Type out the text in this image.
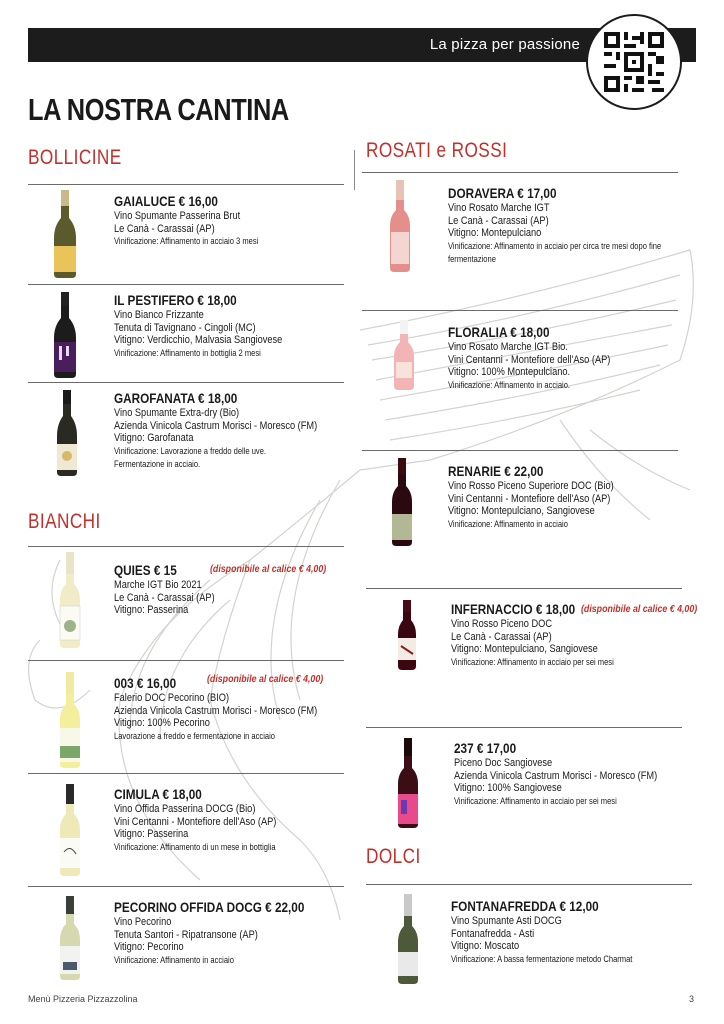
La pizza per passione
LA NOSTRA CANTINA
BOLLICINE	ROSATI e ROSSI
BIANCHI
DOLCI
GAIALUCE € 16,00
Vino Spumante Passerina Brut
Le Canà - Carassai (AP)
Vinificazione: Affinamento in acciaio 3 mesi
IL PESTIFERO € 18,00
Vino Bianco Frizzante
Tenuta di Tavignano - Cingoli (MC)
Vitigno: Verdicchio, Malvasia Sangiovese
Vinificazione: Affinamento in bottiglia 2 mesi
GAROFANATA € 18,00
Vino Spumante Extra-dry (Bio)
Azienda Vinicola Castrum Morisci - Moresco (FM)
Vitigno: Garofanata
Vinificazione: Lavorazione a freddo delle uve.
Fermentazione in acciaio.
QUIES € 15
Marche IGT Bio 2021
Le Canà - Carassai (AP)
Vitigno: Passerina
(disponibile al calice € 4,00)
003 € 16,00
Falerio DOC Pecorino (BIO)
Azienda Vinicola Castrum Morisci - Moresco (FM)
Vitigno: 100% Pecorino
Lavorazione a freddo e fermentazione in acciaio
(disponibile al calice € 4,00)
CIMULA € 18,00
Vino Offida Passerina DOCG (Bio)
Vini Centanni - Montefiore dell'Aso (AP)
Vitigno: Passerina
Vinificazione: Affinamento di un mese in bottiglia
PECORINO OFFIDA DOCG € 22,00
Vino Pecorino
Tenuta Santori - Ripatransone (AP)
Vitigno: Pecorino
Vinificazione: Affinamento in acciaio
DORAVERA € 17,00
Vino Rosato Marche IGT
Le Canà - Carassai (AP)
Vitigno: Montepulciano
Vinificazione: Affinamento in acciaio per circa tre mesi dopo fine
fermentazione
FLORALIA € 18,00
Vino Rosato Marche IGT Bio.
Vini Centanni - Montefiore dell'Aso (AP)
Vitigno: 100% Montepulciano.
Vinificazione: Affinamento in acciaio.
RENARIE € 22,00
Vino Rosso Piceno Superiore DOC (Bio)
Vini Centanni - Montefiore dell'Aso (AP)
Vitigno: Montepulciano, Sangiovese
Vinificazione: Affinamento in acciaio
INFERNACCIO € 18,00
Vino Rosso Piceno DOC
Le Canà - Carassai (AP)
Vitigno: Montepulciano, Sangiovese
Vinificazione: Affinamento in acciaio per sei mesi
(disponibile al calice € 4,00)
237 € 17,00
Piceno Doc Sangiovese
Azienda Vinicola Castrum Morisci - Moresco (FM)
Vitigno: 100% Sangiovese
Vinificazione: Affinamento in acciaio per sei mesi
FONTANAFREDDA € 12,00
Vino Spumante Asti DOCG
Fontanafredda - Asti
Vitigno: Moscato
Vinificazione: A bassa fermentazione metodo Charmat
Menù Pizzeria Pizzazzolina	3
